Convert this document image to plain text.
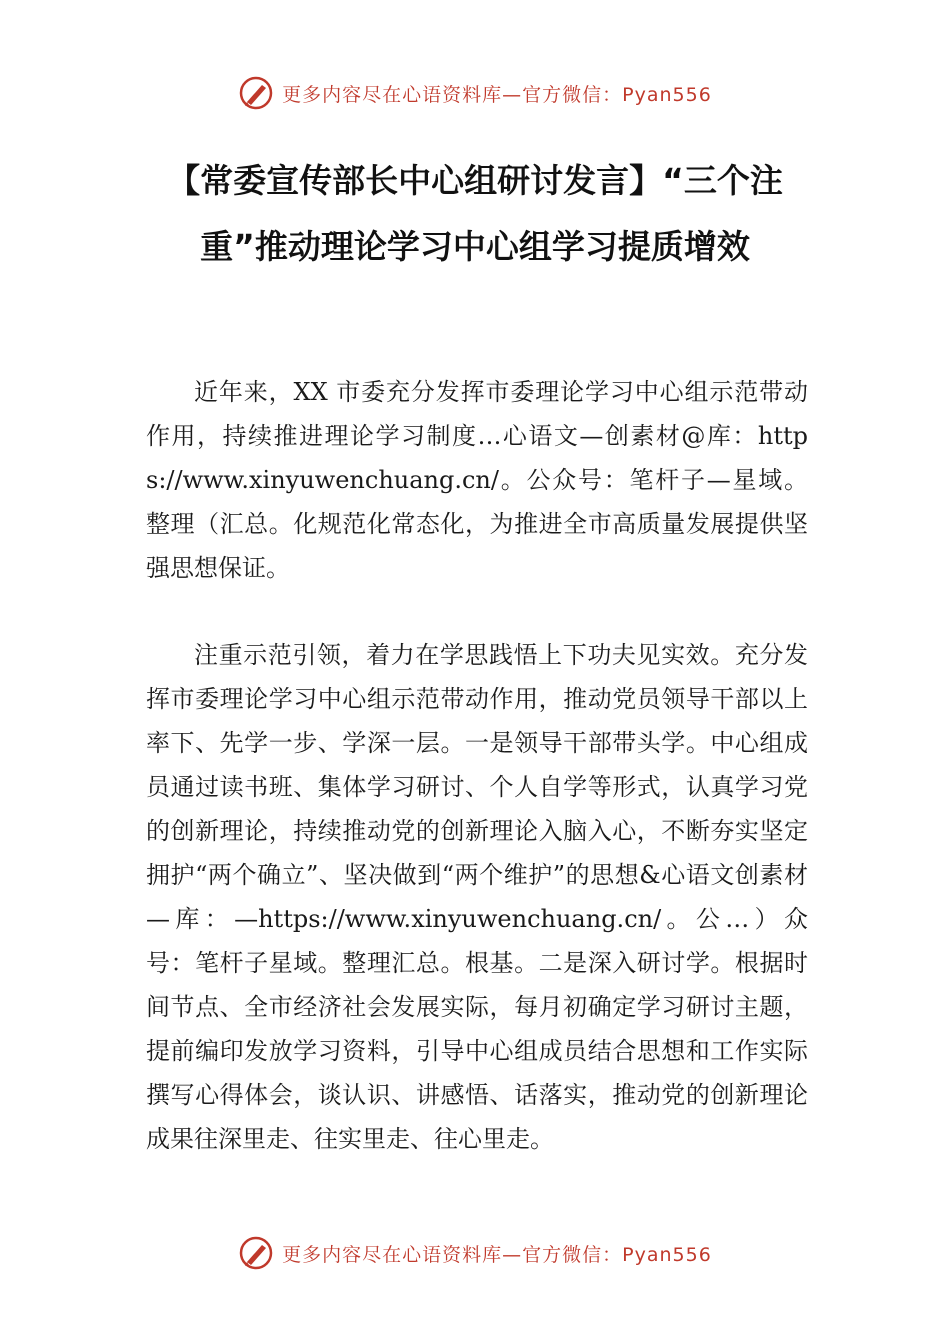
更多内容尽在心语资料库—官方微信：Pyan556
【常委宣传部长中心组研讨发言】“三个注
重”推动理论学习中心组学习提质增效

近年来，XX 市委充分发挥市委理论学习中心组示范带动作用，持续推进理论学习制度…心语文—创素材@库：https://www.xinyuwenchuang.cn/。公众号：笔杆子—星域。整理（汇总。化规范化常态化，为推进全市高质量发展提供坚强思想保证。

注重示范引领，着力在学思践悟上下功夫见实效。充分发挥市委理论学习中心组示范带动作用，推动党员领导干部以上率下、先学一步、学深一层。一是领导干部带头学。中心组成员通过读书班、集体学习研讨、个人自学等形式，认真学习党的创新理论，持续推动党的创新理论入脑入心，不断夯实坚定拥护“两个确立”、坚决做到“两个维护”的思想&心语文创素材—库：—https://www.xinyuwenchuang.cn/。公…）众号：笔杆子星域。整理汇总。根基。二是深入研讨学。根据时间节点、全市经济社会发展实际，每月初确定学习研讨主题，提前编印发放学习资料，引导中心组成员结合思想和工作实际撰写心得体会，谈认识、讲感悟、话落实，推动党的创新理论成果往深里走、往实里走、往心里走。

更多内容尽在心语资料库—官方微信：Pyan556
